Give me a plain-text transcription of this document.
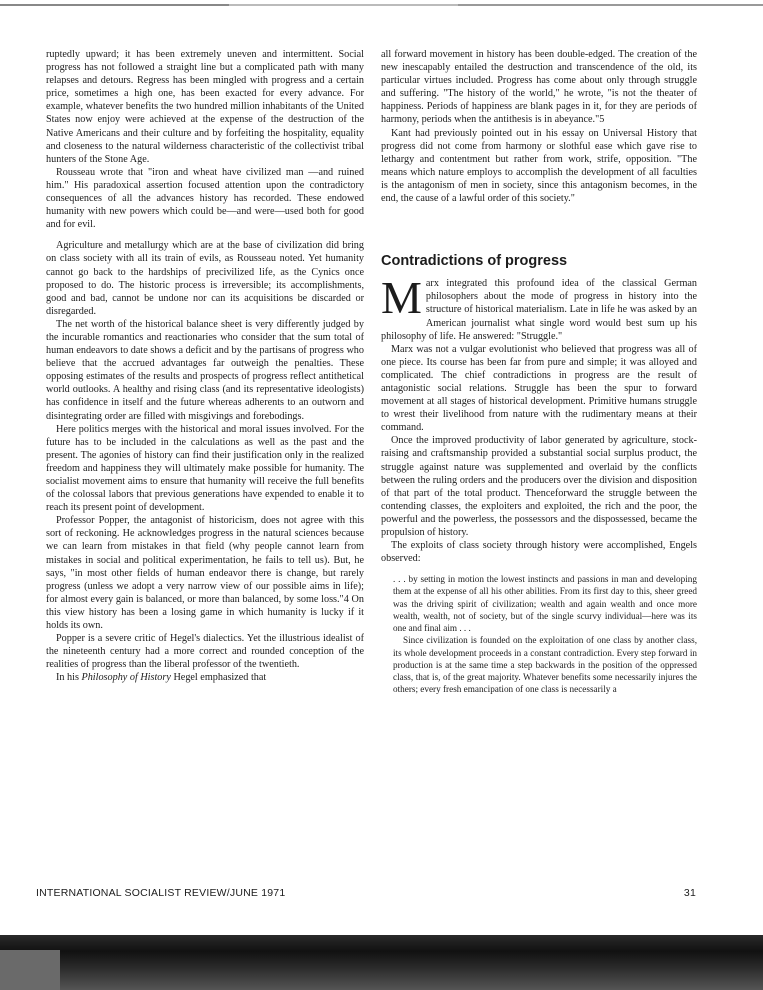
ruptedly upward; it has been extremely uneven and intermittent. Social progress has not followed a straight line but a complicated path with many relapses and detours. Regress has been mingled with progress and a certain price, sometimes a high one, has been exacted for every advance. For example, whatever benefits the two hundred million inhabitants of the United States now enjoy were achieved at the expense of the destruction of the Native Americans and their culture and by forfeiting the hospitality, equality and closeness to the natural wilderness characteristic of the collectivist tribal hunters of the Stone Age.

Rousseau wrote that "iron and wheat have civilized man —and ruined him." His paradoxical assertion focused attention upon the contradictory consequences of all the advances history has recorded. These endowed humanity with new powers which could be—and were—used both for good and for evil.

Agriculture and metallurgy which are at the base of civilization did bring on class society with all its train of evils, as Rousseau noted. Yet humanity cannot go back to the hardships of precivilized life, as the Cynics once proposed to do. The historic process is irreversible; its accomplishments, good and bad, cannot be undone nor can its acquisitions be discarded or disregarded.

The net worth of the historical balance sheet is very differently judged by the incurable romantics and reactionaries who consider that the sum total of human endeavors to date shows a deficit and by the partisans of progress who believe that the accrued advantages far outweigh the penalties. These opposing estimates of the results and prospects of progress reflect antithetical world outlooks. A healthy and rising class (and its representative ideologists) has confidence in itself and the future whereas adherents to an outworn and disintegrating order are filled with misgivings and forebodings.

Here politics merges with the historical and moral issues involved. For the future has to be included in the calculations as well as the past and the present. The agonies of history can find their justification only in the realized freedom and happiness they will ultimately make possible for humanity. The socialist movement aims to ensure that humanity will receive the full benefits of the colossal labors that previous generations have expended to enable it to reach its present point of development.

Professor Popper, the antagonist of historicism, does not agree with this sort of reckoning. He acknowledges progress in the natural sciences because we can learn from mistakes in that field (why people cannot learn from mistakes in social and political experimentation, he fails to tell us). But, he says, "in most other fields of human endeavor there is change, but rarely progress (unless we adopt a very narrow view of our possible aims in life); for almost every gain is balanced, or more than balanced, by some loss."4 On this view history has been a losing game in which humanity is lucky if it holds its own.

Popper is a severe critic of Hegel's dialectics. Yet the illustrious idealist of the nineteenth century had a more correct and rounded conception of the realities of progress than the liberal professor of the twentieth.

In his Philosophy of History Hegel emphasized that

all forward movement in history has been double-edged. The creation of the new inescapably entailed the destruction and transcendence of the old, its particular virtues included. Progress has come about only through struggle and suffering. "The history of the world," he wrote, "is not the theater of happiness. Periods of happiness are blank pages in it, for they are periods of harmony, periods when the antithesis is in abeyance."5

Kant had previously pointed out in his essay on Universal History that progress did not come from harmony or slothful ease which gave rise to lethargy and contentment but rather from work, strife, opposition. "The means which nature employs to accomplish the development of all faculties is the antagonism of men in society, since this antagonism becomes, in the end, the cause of a lawful order of this society."

Contradictions of progress

Marx integrated this profound idea of the classical German philosophers about the mode of progress in history into the structure of historical materialism. Late in life he was asked by an American journalist what single word would best sum up his philosophy of life. He answered: "Struggle."

Marx was not a vulgar evolutionist who believed that progress was all of one piece. Its course has been far from pure and simple; it was alloyed and complicated. The chief contradictions in progress are the result of antagonistic social relations. Struggle has been the spur to forward movement at all stages of historical development. Primitive humans struggle to wrest their livelihood from nature with the rudimentary means at their command.

Once the improved productivity of labor generated by agriculture, stock-raising and craftsmanship provided a substantial social surplus product, the struggle against nature was supplemented and overlaid by the conflicts between the ruling orders and the producers over the division and disposition of that part of the total product. Thenceforward the struggle between the contending classes, the exploiters and exploited, the rich and the poor, the powerful and the powerless, the possessors and the dispossessed, became the propulsion of history.

The exploits of class society through history were accomplished, Engels observed:

. . . by setting in motion the lowest instincts and passions in man and developing them at the expense of all his other abilities. From its first day to this, sheer greed was the driving spirit of civilization; wealth and again wealth and once more wealth, wealth, not of society, but of the single scurvy individual—here was its one and final aim . . .

Since civilization is founded on the exploitation of one class by another class, its whole development proceeds in a constant contradiction. Every step forward in production is at the same time a step backwards in the position of the oppressed class, that is, of the great majority. Whatever benefits some necessarily injures the others; every fresh emancipation of one class is necessarily a

INTERNATIONAL SOCIALIST REVIEW/JUNE 1971	31
